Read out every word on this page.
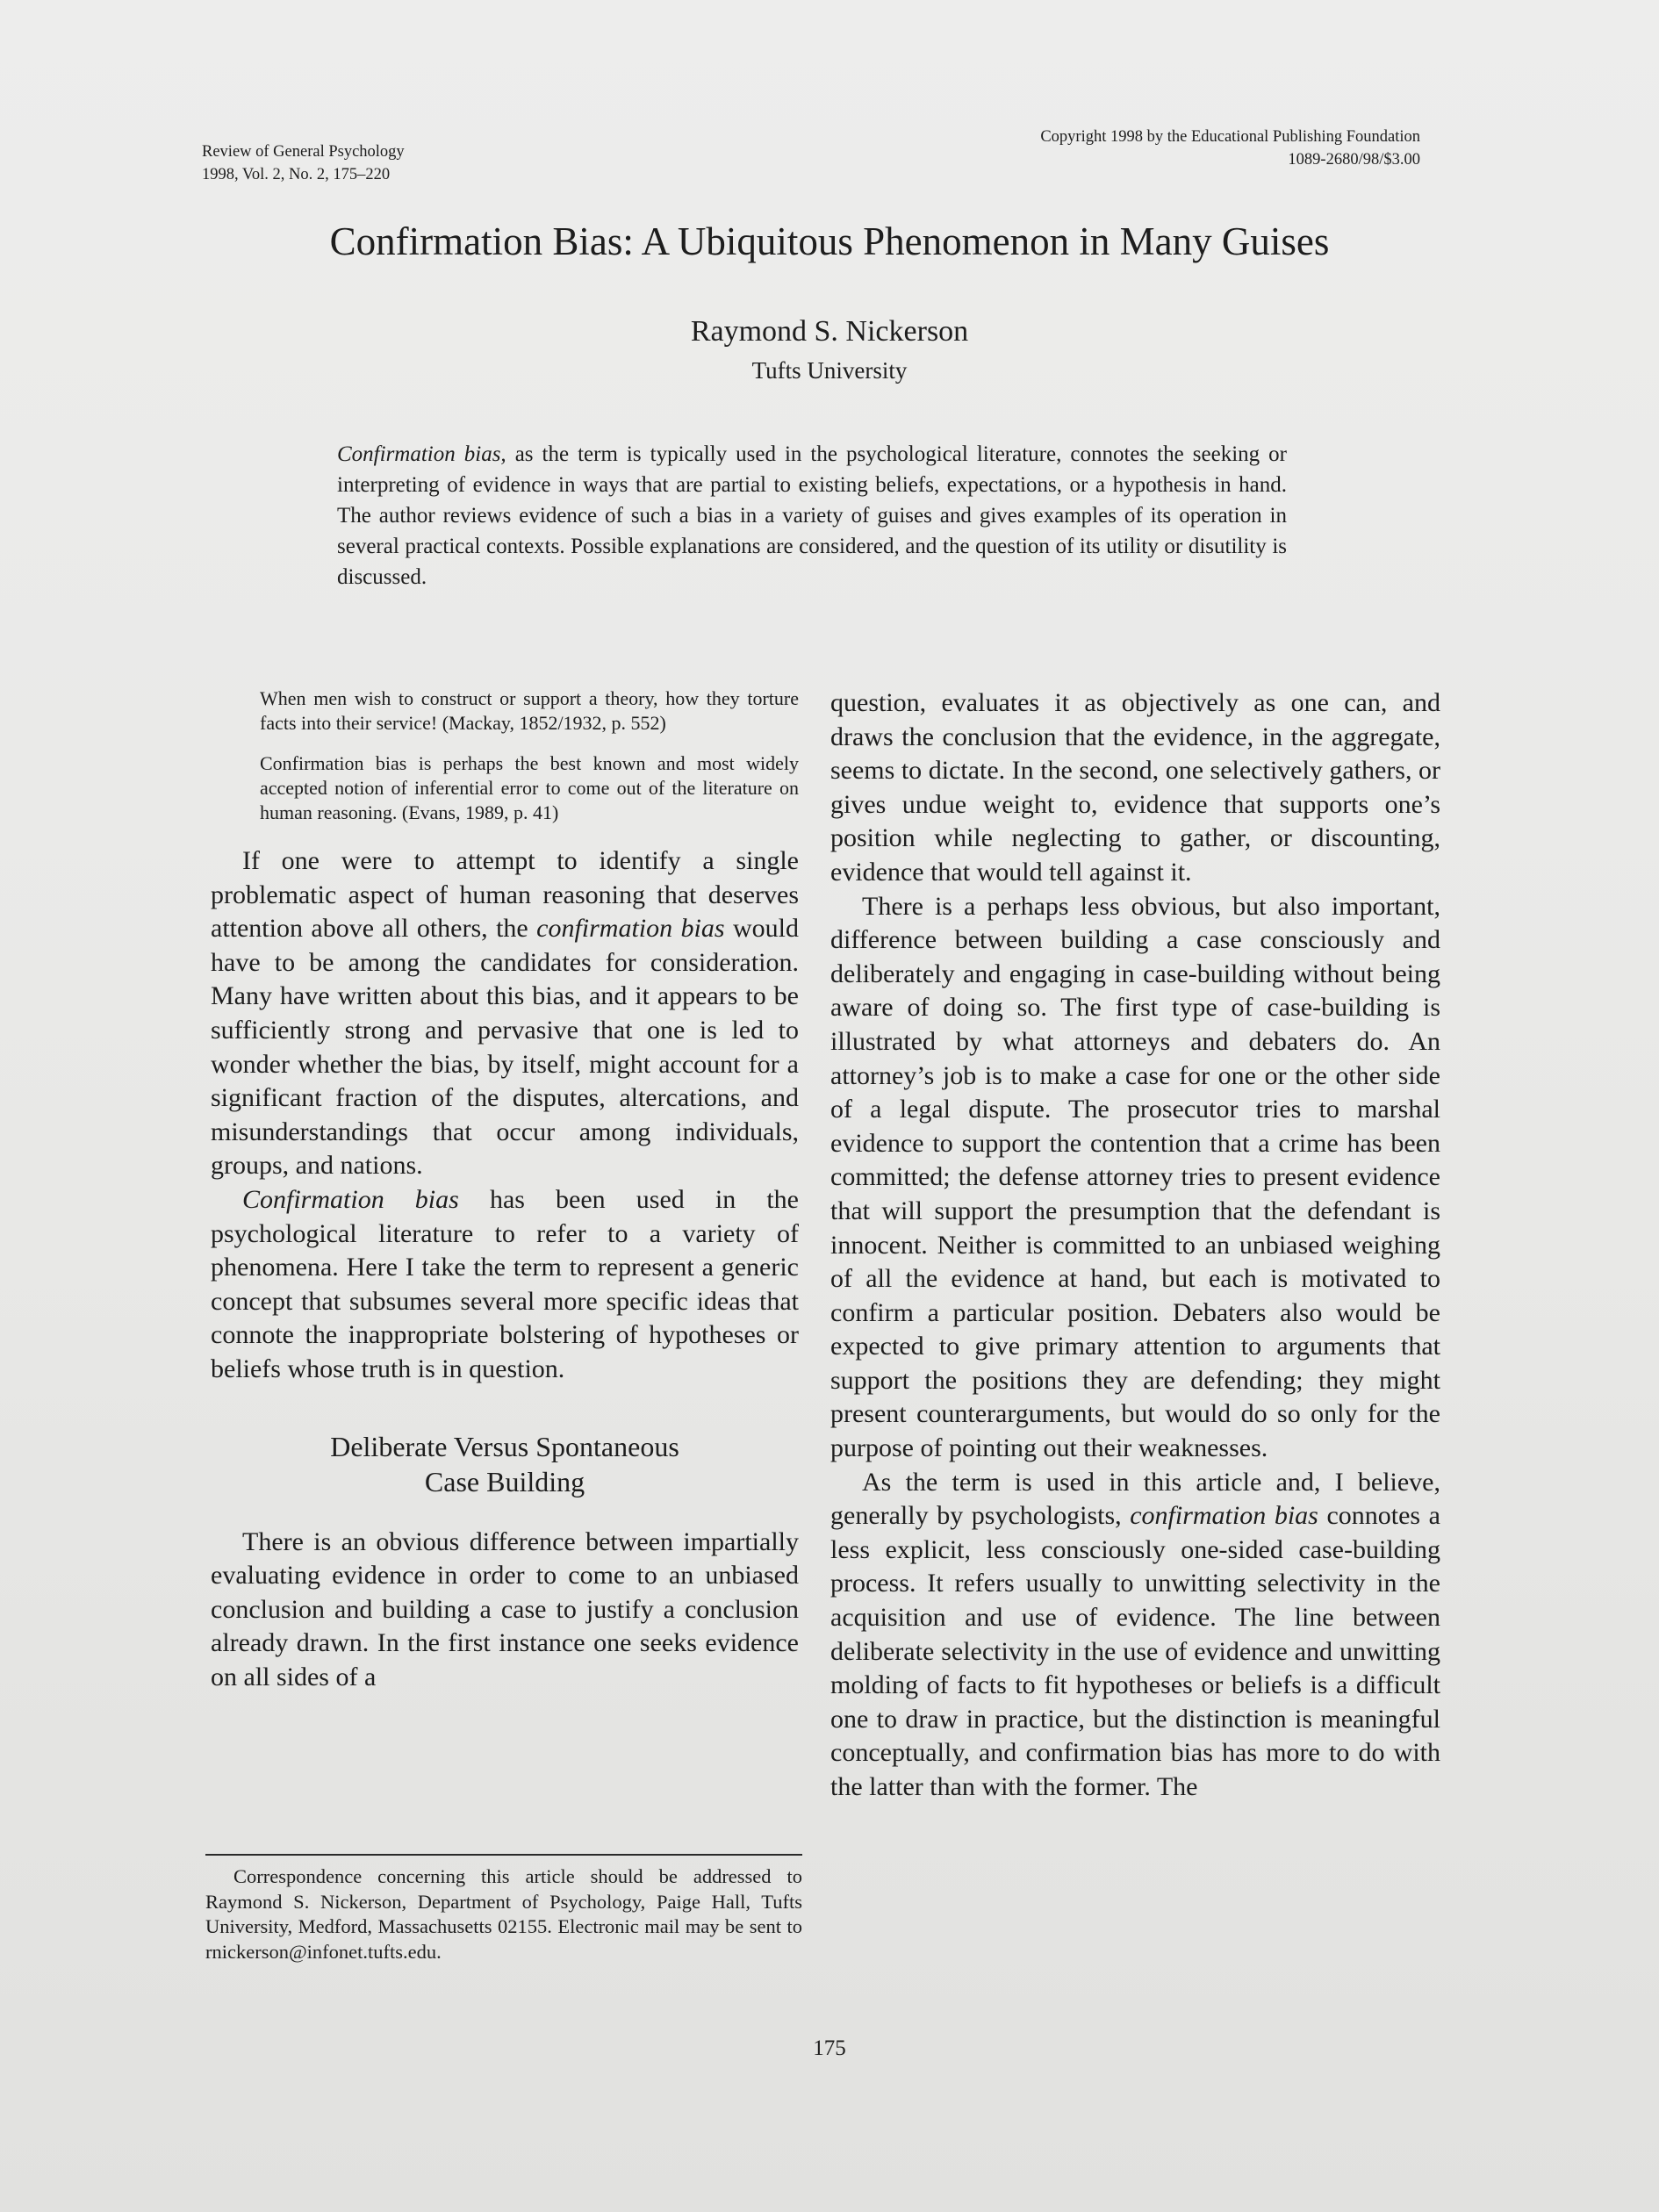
Review of General Psychology
1998, Vol. 2, No. 2, 175–220
Copyright 1998 by the Educational Publishing Foundation
1089-2680/98/$3.00
Confirmation Bias: A Ubiquitous Phenomenon in Many Guises
Raymond S. Nickerson
Tufts University
Confirmation bias, as the term is typically used in the psychological literature, connotes the seeking or interpreting of evidence in ways that are partial to existing beliefs, expectations, or a hypothesis in hand. The author reviews evidence of such a bias in a variety of guises and gives examples of its operation in several practical contexts. Possible explanations are considered, and the question of its utility or disutility is discussed.

When men wish to construct or support a theory, how they torture facts into their service! (Mackay, 1852/1932, p. 552)

Confirmation bias is perhaps the best known and most widely accepted notion of inferential error to come out of the literature on human reasoning. (Evans, 1989, p. 41)

If one were to attempt to identify a single problematic aspect of human reasoning that deserves attention above all others, the confirmation bias would have to be among the candidates for consideration. Many have written about this bias, and it appears to be sufficiently strong and pervasive that one is led to wonder whether the bias, by itself, might account for a significant fraction of the disputes, altercations, and misunderstandings that occur among individuals, groups, and nations.

Confirmation bias has been used in the psychological literature to refer to a variety of phenomena. Here I take the term to represent a generic concept that subsumes several more specific ideas that connote the inappropriate bolstering of hypotheses or beliefs whose truth is in question.

Deliberate Versus Spontaneous
Case Building

There is an obvious difference between impartially evaluating evidence in order to come to an unbiased conclusion and building a case to justify a conclusion already drawn. In the first instance one seeks evidence on all sides of a

question, evaluates it as objectively as one can, and draws the conclusion that the evidence, in the aggregate, seems to dictate. In the second, one selectively gathers, or gives undue weight to, evidence that supports one’s position while neglecting to gather, or discounting, evidence that would tell against it.

There is a perhaps less obvious, but also important, difference between building a case consciously and deliberately and engaging in case-building without being aware of doing so. The first type of case-building is illustrated by what attorneys and debaters do. An attorney’s job is to make a case for one or the other side of a legal dispute. The prosecutor tries to marshal evidence to support the contention that a crime has been committed; the defense attorney tries to present evidence that will support the presumption that the defendant is innocent. Neither is committed to an unbiased weighing of all the evidence at hand, but each is motivated to confirm a particular position. Debaters also would be expected to give primary attention to arguments that support the positions they are defending; they might present counterarguments, but would do so only for the purpose of pointing out their weaknesses.

As the term is used in this article and, I believe, generally by psychologists, confirmation bias connotes a less explicit, less consciously one-sided case-building process. It refers usually to unwitting selectivity in the acquisition and use of evidence. The line between deliberate selectivity in the use of evidence and unwitting molding of facts to fit hypotheses or beliefs is a difficult one to draw in practice, but the distinction is meaningful conceptually, and confirmation bias has more to do with the latter than with the former. The

Correspondence concerning this article should be addressed to Raymond S. Nickerson, Department of Psychology, Paige Hall, Tufts University, Medford, Massachusetts 02155. Electronic mail may be sent to rnickerson@infonet.tufts.edu.
175
